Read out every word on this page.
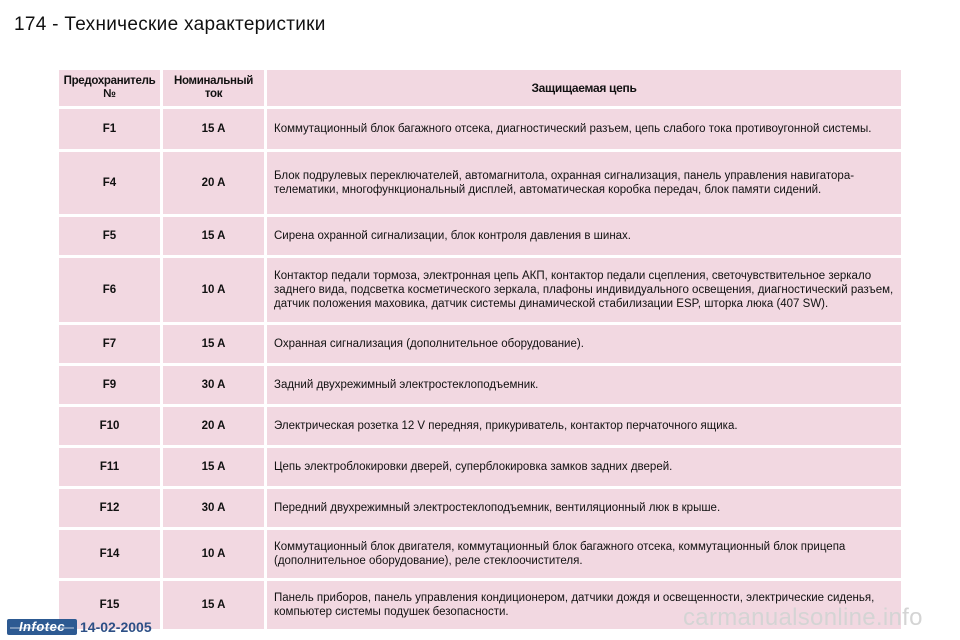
174 - Технические характеристики
Предохранитель №	Номинальный ток	Защищаемая цепь
F1	15 A	Коммутационный блок багажного отсека, диагностический разъем, цепь слабого тока противоугонной системы.
F4	20 A	Блок подрулевых переключателей, автомагнитола, охранная сигнализация, панель управления навигатора-телематики, многофункциональный дисплей, автоматическая коробка передач, блок памяти сидений.
F5	15 A	Сирена охранной сигнализации, блок контроля давления в шинах.
F6	10 A	Контактор педали тормоза, электронная цепь АКП, контактор педали сцепления, светочувствительное зеркало заднего вида, подсветка косметического зеркала, плафоны индивидуального освещения, диагностический разъем, датчик положения маховика, датчик системы динамической стабилизации ESP, шторка люка (407 SW).
F7	15 A	Охранная сигнализация (дополнительное оборудование).
F9	30 A	Задний двухрежимный электростеклоподъемник.
F10	20 A	Электрическая розетка 12 V передняя, прикуриватель, контактор перчаточного ящика.
F11	15 A	Цепь электроблокировки дверей, суперблокировка замков задних дверей.
F12	30 A	Передний двухрежимный электростеклоподъемник, вентиляционный люк в крыше.
F14	10 A	Коммутационный блок двигателя, коммутационный блок багажного отсека, коммутационный блок прицепа (дополнительное оборудование), реле стеклоочистителя.
F15	15 A	Панель приборов, панель управления кондиционером, датчики дождя и освещенности, электрические сиденья, компьютер системы подушек безопасности.
Infotec	14-02-2005	carmanualsonline.info
